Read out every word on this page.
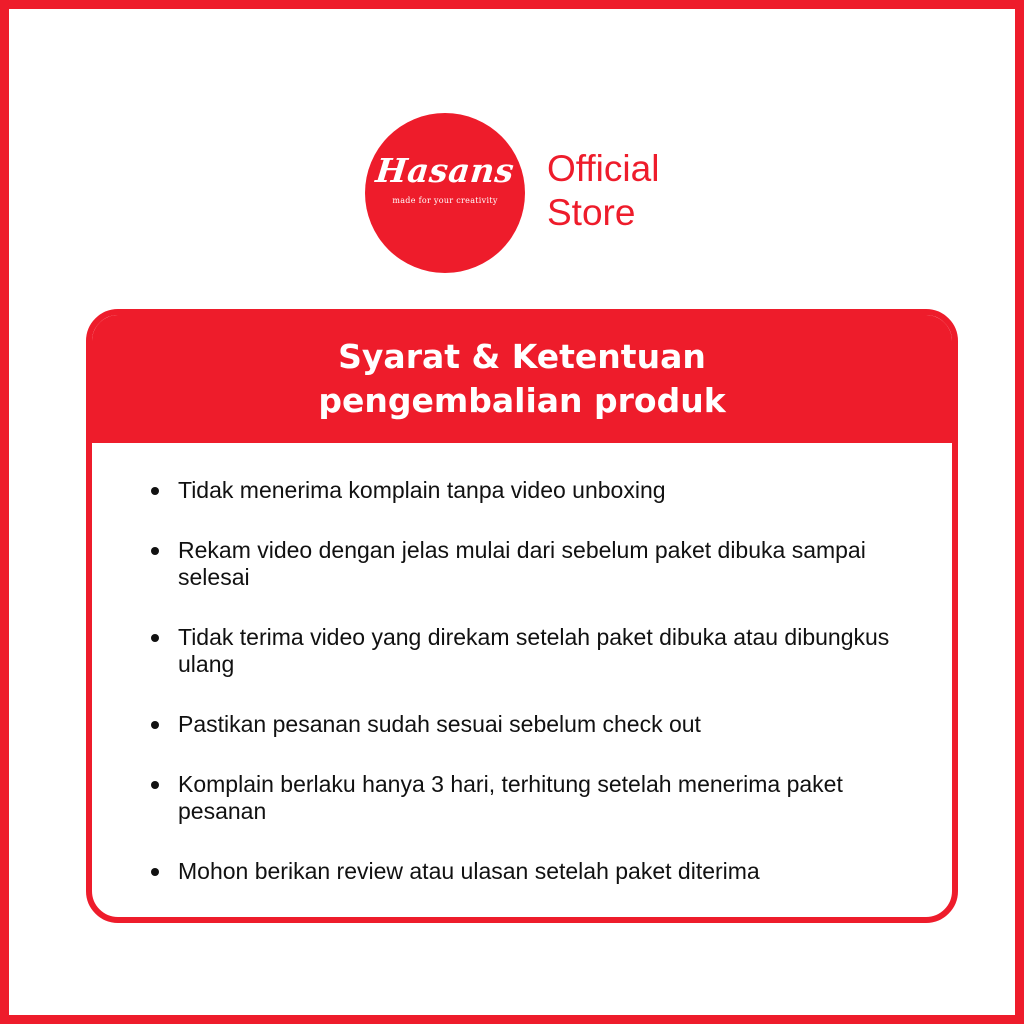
Hasans
made for your creativity
Official
Store
Syarat & Ketentuan
pengembalian produk
Tidak menerima komplain tanpa video unboxing
Rekam video dengan jelas mulai dari sebelum paket dibuka sampai selesai
Tidak terima video yang direkam setelah paket dibuka atau dibungkus ulang
Pastikan pesanan sudah sesuai sebelum check out
Komplain berlaku hanya 3 hari, terhitung setelah menerima paket pesanan
Mohon berikan review atau ulasan setelah paket diterima
